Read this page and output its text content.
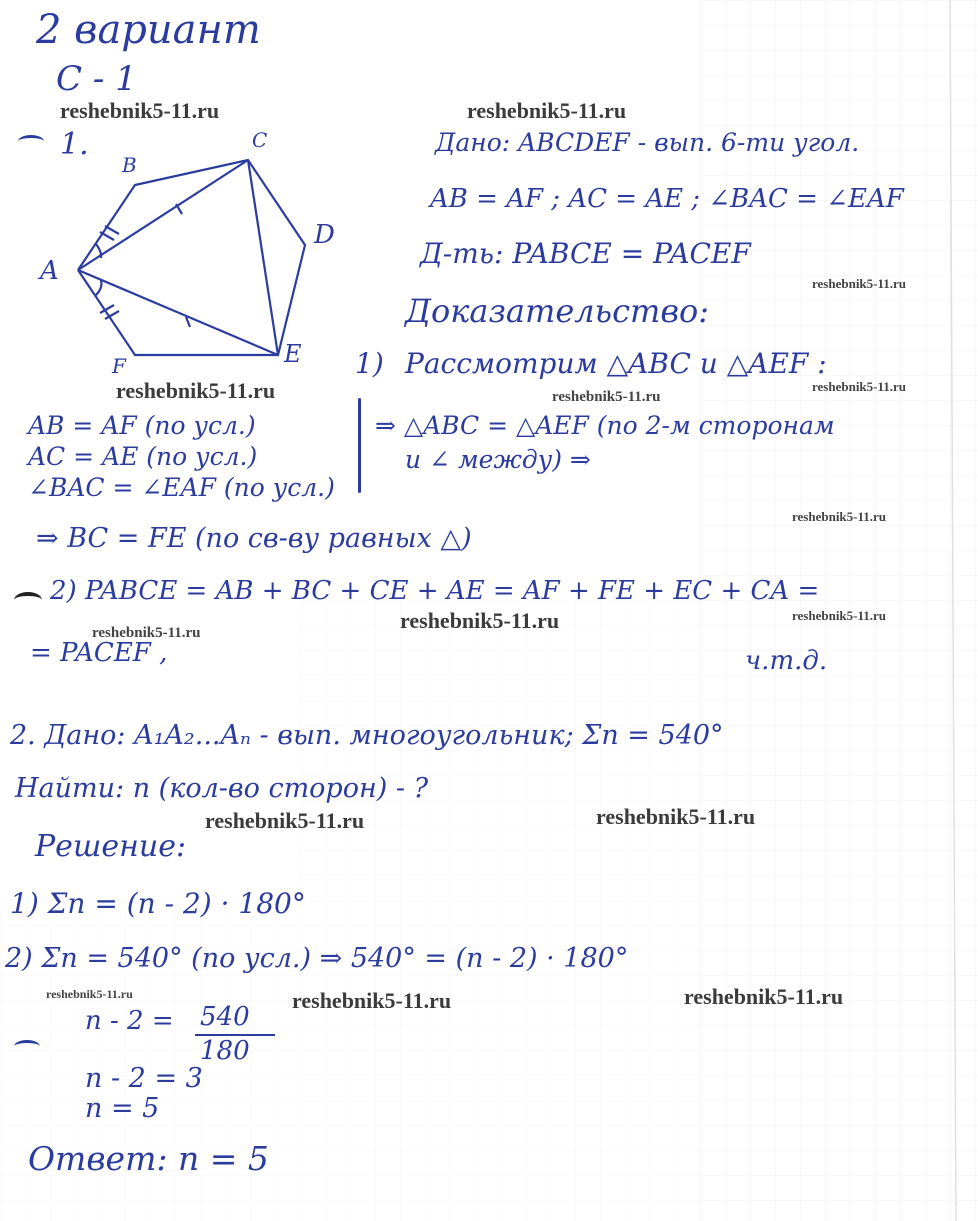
2 вариант
С - 1
1.
B
C
A
D
F	E
Дано: ABCDEF - вып. 6-ти угол.
AB = AF ; AC = AE ; ∠BAC = ∠EAF
Д-ть: PABCE = PACEF
Доказательство:
1) Рассмотрим △ABC и △AEF :
AB = AF (по усл.)
AC = AE (по усл.)
∠BAC = ∠EAF (по усл.)
⇒ △ABC = △AEF (по 2-м сторонам
и ∠ между) ⇒
⇒ BC = FE (по св-ву равных △)
2) PABCE = AB + BC + CE + AE = AF + FE + EC + CA =
= PACEF ,	ч.т.д.
2. Дано: A₁A₂...Aₙ - вып. многоугольник; Σn = 540°
Найти: n (кол-во сторон) - ?
Решение:
1) Σn = (n - 2) · 180°
2) Σn = 540° (по усл.) ⇒ 540° = (n - 2) · 180°
n - 2 = 540
180
n - 2 = 3
n = 5
Ответ: n = 5
reshebnik5-11.ru	reshebnik5-11.ru
reshebnik5-11.ru
reshebnik5-11.ru	reshebnik5-11.ru
reshebnik5-11.ru
reshebnik5-11.ru
reshebnik5-11.ru
reshebnik5-11.ru
reshebnik5-11.ru
reshebnik5-11.ru	reshebnik5-11.ru
reshebnik5-11.ru	reshebnik5-11.ru	reshebnik5-11.ru
